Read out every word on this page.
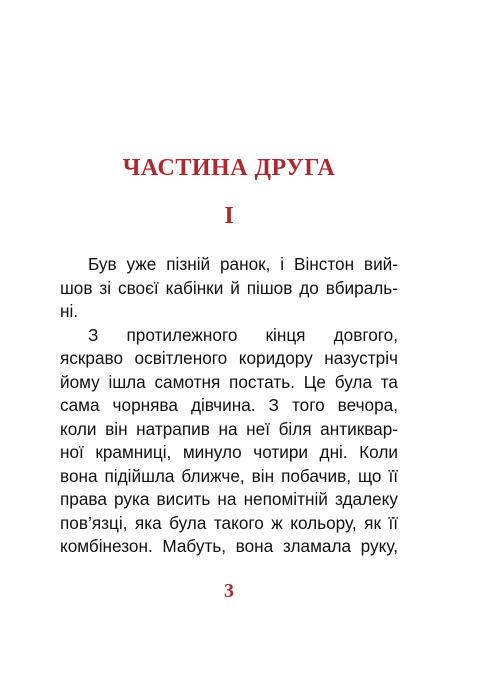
ЧАСТИНА ДРУГА
I
Був уже пізній ранок, і Вінстон вий-
шов зі своєї кабінки й пішов до вбираль-
ні.
З протилежного кінця довгого,
яскраво освітленого коридору назустріч
йому ішла самотня постать. Це була та
сама чорнява дівчина. З того вечора,
коли він натрапив на неї біля антиквар-
ної крамниці, минуло чотири дні. Коли
вона підійшла ближче, він побачив, що її
права рука висить на непомітній здалеку
пов’язці, яка була такого ж кольору, як її
комбінезон. Мабуть, вона зламала руку,
3
